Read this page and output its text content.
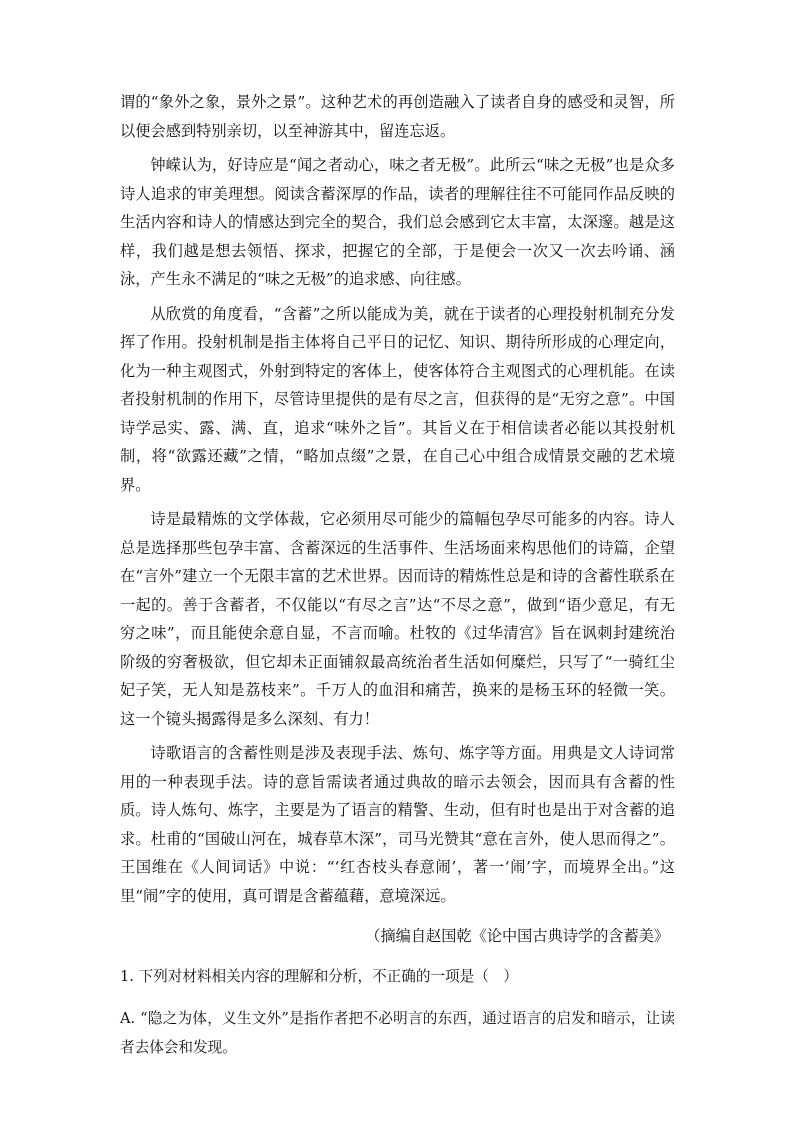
谓的“象外之象，景外之景”。这种艺术的再创造融入了读者自身的感受和灵智，所以便会感到特别亲切，以至神游其中，留连忘返。

钟嵘认为，好诗应是“闻之者动心，味之者无极”。此所云“味之无极”也是众多诗人追求的审美理想。阅读含蓄深厚的作品，读者的理解往往不可能同作品反映的生活内容和诗人的情感达到完全的契合，我们总会感到它太丰富，太深邃。越是这样，我们越是想去领悟、探求，把握它的全部，于是便会一次又一次去吟诵、涵泳，产生永不满足的“味之无极”的追求感、向往感。

从欣赏的角度看，“含蓄”之所以能成为美，就在于读者的心理投射机制充分发挥了作用。投射机制是指主体将自己平日的记忆、知识、期待所形成的心理定向，化为一种主观图式，外射到特定的客体上，使客体符合主观图式的心理机能。在读者投射机制的作用下，尽管诗里提供的是有尽之言，但获得的是“无穷之意”。中国诗学忌实、露、满、直，追求“味外之旨”。其旨义在于相信读者必能以其投射机制，将“欲露还藏”之情，“略加点缀”之景，在自己心中组合成情景交融的艺术境界。

诗是最精炼的文学体裁，它必须用尽可能少的篇幅包孕尽可能多的内容。诗人总是选择那些包孕丰富、含蓄深远的生活事件、生活场面来构思他们的诗篇，企望在“言外”建立一个无限丰富的艺术世界。因而诗的精炼性总是和诗的含蓄性联系在一起的。善于含蓄者，不仅能以“有尽之言”达“不尽之意”，做到“语少意足，有无穷之味”，而且能使余意自显，不言而喻。杜牧的《过华清宫》旨在讽刺封建统治阶级的穷奢极欲，但它却未正面铺叙最高统治者生活如何糜烂，只写了“一骑红尘妃子笑，无人知是荔枝来”。千万人的血泪和痛苦，换来的是杨玉环的轻微一笑。这一个镜头揭露得是多么深刻、有力！

诗歌语言的含蓄性则是涉及表现手法、炼句、炼字等方面。用典是文人诗词常用的一种表现手法。诗的意旨需读者通过典故的暗示去领会，因而具有含蓄的性质。诗人炼句、炼字，主要是为了语言的精警、生动，但有时也是出于对含蓄的追求。杜甫的“国破山河在，城春草木深”，司马光赞其“意在言外，使人思而得之”。王国维在《人间词话》中说：“‘红杏枝头春意闹’，著一‘闹’字，而境界全出。”这里“闹”字的使用，真可谓是含蓄蕴藉，意境深远。

（摘编自赵国乾《论中国古典诗学的含蓄美》

1. 下列对材料相关内容的理解和分析，不正确的一项是（　）

A. “隐之为体，义生文外”是指作者把不必明言的东西，通过语言的启发和暗示，让读者去体会和发现。
